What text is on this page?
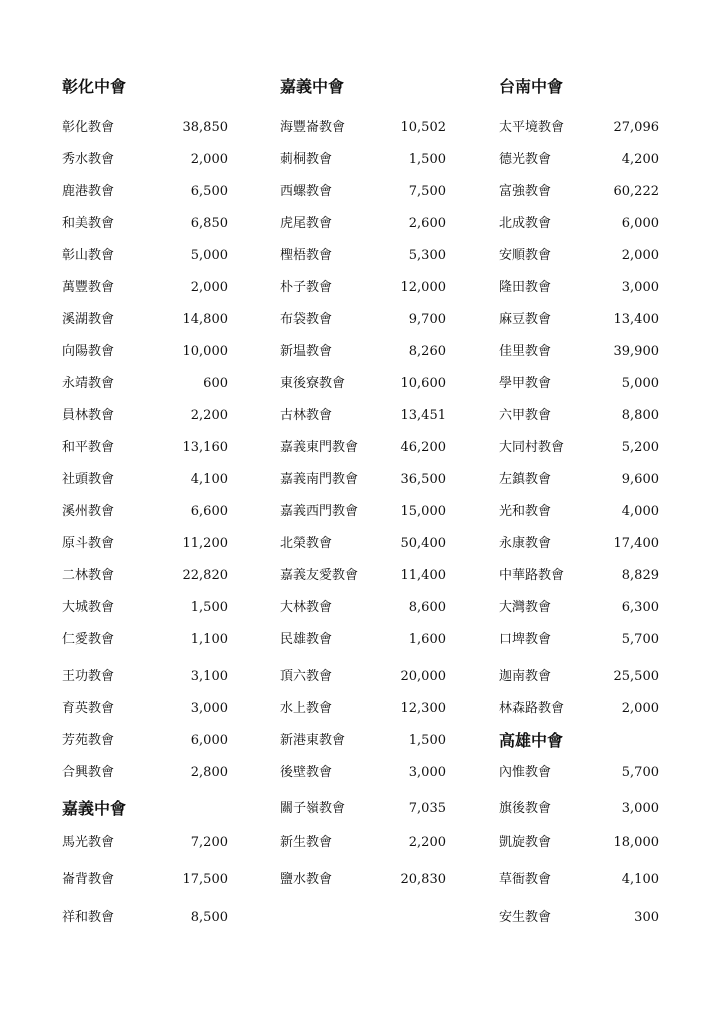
彰化中會
彰化教會	38,850
秀水教會	2,000
鹿港教會	6,500
和美教會	6,850
彰山教會	5,000
萬豐教會	2,000
溪湖教會	14,800
向陽教會	10,000
永靖教會	600
員林教會	2,200
和平教會	13,160
社頭教會	4,100
溪州教會	6,600
原斗教會	11,200
二林教會	22,820
大城教會	1,500
仁愛教會	1,100
王功教會	3,100
育英教會	3,000
芳苑教會	6,000
合興教會	2,800
嘉義中會
馬光教會	7,200
崙背教會	17,500
祥和教會	8,500
嘉義中會
海豐崙教會	10,502
莿桐教會	1,500
西螺教會	7,500
虎尾教會	2,600
檉梧教會	5,300
朴子教會	12,000
布袋教會	9,700
新塭教會	8,260
東後寮教會	10,600
古林教會	13,451
嘉義東門教會	46,200
嘉義南門教會	36,500
嘉義西門教會	15,000
北榮教會	50,400
嘉義友愛教會	11,400
大林教會	8,600
民雄教會	1,600
頂六教會	20,000
水上教會	12,300
新港東教會	1,500
後壁教會	3,000
關子嶺教會	7,035
新生教會	2,200
鹽水教會	20,830
台南中會
太平境教會	27,096
德光教會	4,200
富強教會	60,222
北成教會	6,000
安順教會	2,000
隆田教會	3,000
麻豆教會	13,400
佳里教會	39,900
學甲教會	5,000
六甲教會	8,800
大同村教會	5,200
左鎮教會	9,600
光和教會	4,000
永康教會	17,400
中華路教會	8,829
大灣教會	6,300
口埤教會	5,700
迦南教會	25,500
林森路教會	2,000
高雄中會
內惟教會	5,700
旗後教會	3,000
凱旋教會	18,000
草衙教會	4,100
安生教會	300
